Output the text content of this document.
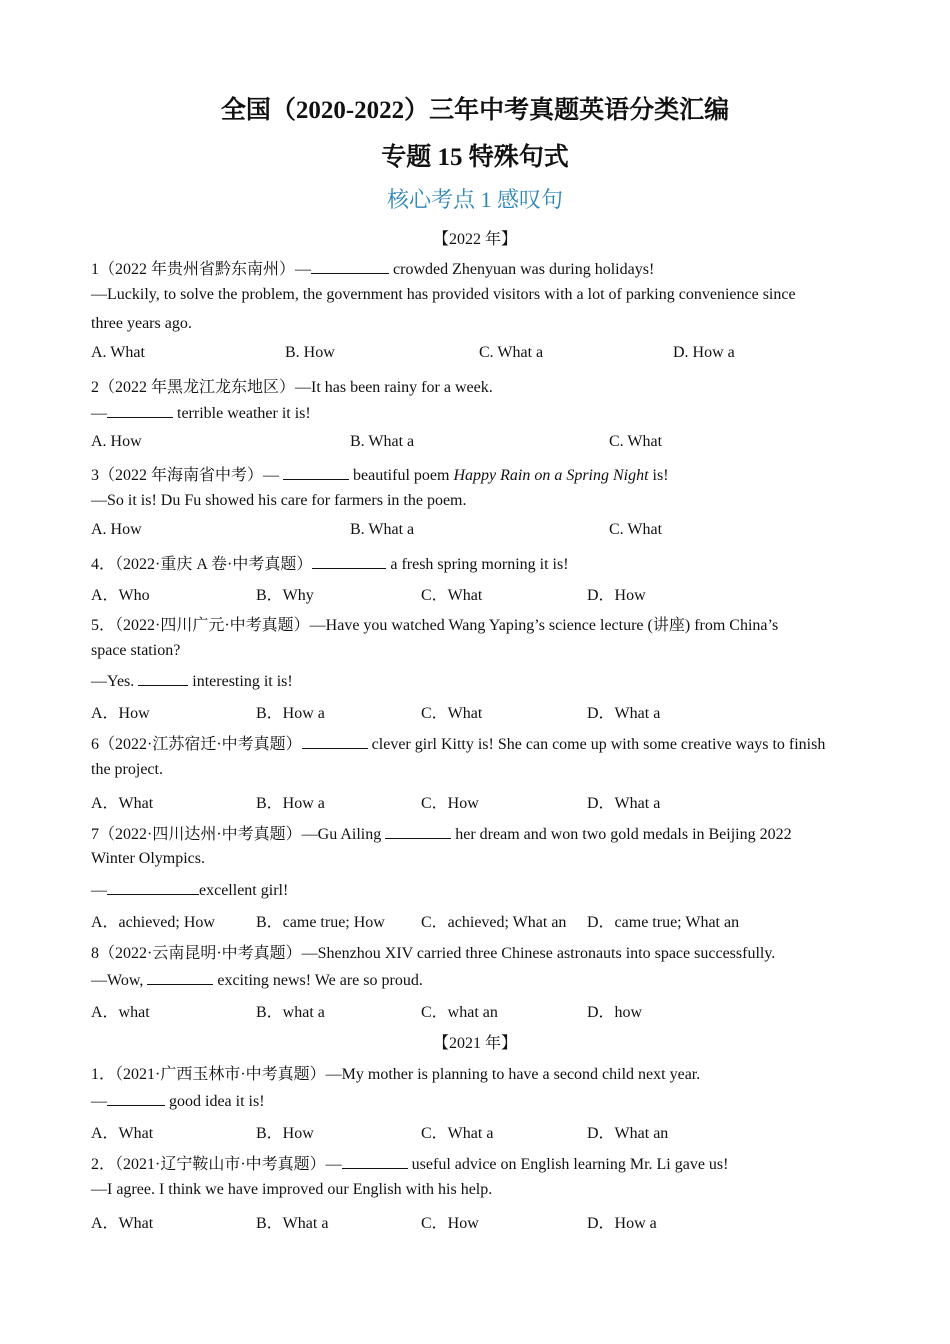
全国（2020-2022）三年中考真题英语分类汇编
专题 15 特殊句式
核心考点 1 感叹句
【2022 年】
1（2022 年贵州省黔东南州）—	crowded Zhenyuan was during holidays!
—Luckily, to solve the problem, the government has provided visitors with a lot of parking convenience since
three years ago.
A. What	B. How	C. What a	D. How a
2（2022 年黑龙江龙东地区）—It has been rainy for a week.
—	terrible weather it is!
A. How	B. What a	C. What
3（2022 年海南省中考）—	beautiful poem Happy Rain on a Spring Night is!
—So it is! Du Fu showed his care for farmers in the poem.
A. How	B. What a	C. What
4．（2022·重庆 A 卷·中考真题）	a fresh spring morning it is!
A．Who	B．Why	C．What	D．How
5．（2022·四川广元·中考真题）—Have you watched Wang Yaping’s science lecture (讲座) from China’s
space station?
—Yes.	interesting it is!
A．How	B．How a	C．What	D．What a
6（2022·江苏宿迁·中考真题）	clever girl Kitty is! She can come up with some creative ways to finish
the project.
A．What	B．How a	C．How	D．What a
7（2022·四川达州·中考真题）—Gu Ailing	her dream and won two gold medals in Beijing 2022
Winter Olympics.
—	excellent girl!
A．achieved; How	B．came true; How C．achieved; What an D．came true; What an
8（2022·云南昆明·中考真题）—Shenzhou XIV carried three Chinese astronauts into space successfully.
—Wow,	exciting news! We are so proud.
A．what	B．what a	C．what an	D．how
【2021 年】
1．（2021·广西玉林市·中考真题）—My mother is planning to have a second child next year.
—	good idea it is!
A．What	B．How	C．What a	D．What an
2．（2021·辽宁鞍山市·中考真题）—	useful advice on English learning Mr. Li gave us!
—I agree. I think we have improved our English with his help.
A．What	B．What a	C．How	D．How a
